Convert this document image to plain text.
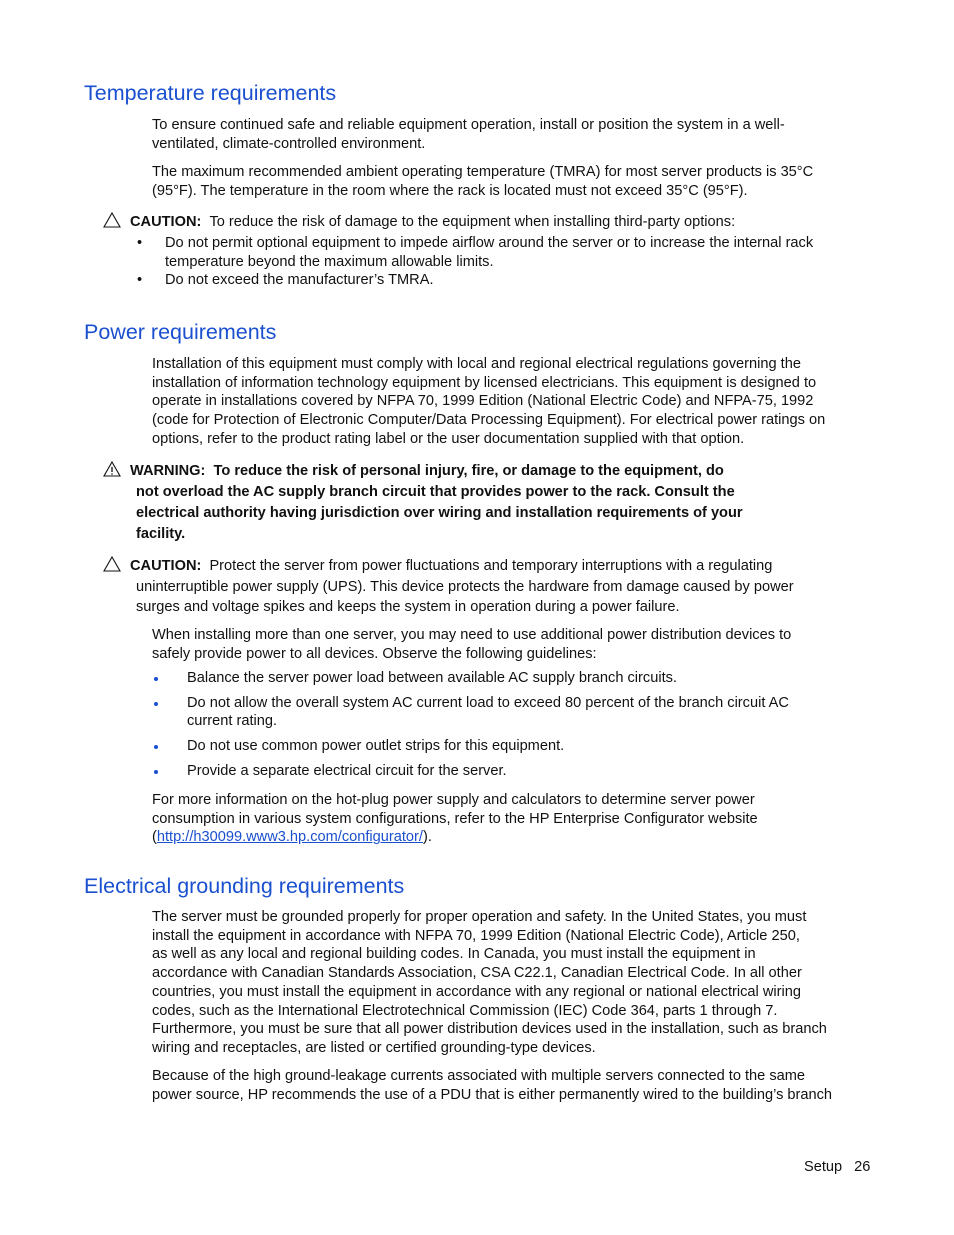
Temperature requirements

To ensure continued safe and reliable equipment operation, install or position the system in a well-
ventilated, climate-controlled environment.

The maximum recommended ambient operating temperature (TMRA) for most server products is 35°C
(95°F). The temperature in the room where the rack is located must not exceed 35°C (95°F).

CAUTION: To reduce the risk of damage to the equipment when installing third-party options:
•	Do not permit optional equipment to impede airflow around the server or to increase the internal rack
temperature beyond the maximum allowable limits.
•	Do not exceed the manufacturer’s TMRA.
Power requirements

Installation of this equipment must comply with local and regional electrical regulations governing the
installation of information technology equipment by licensed electricians. This equipment is designed to
operate in installations covered by NFPA 70, 1999 Edition (National Electric Code) and NFPA-75, 1992
(code for Protection of Electronic Computer/Data Processing Equipment). For electrical power ratings on
options, refer to the product rating label or the user documentation supplied with that option.

WARNING: To reduce the risk of personal injury, fire, or damage to the equipment, do
not overload the AC supply branch circuit that provides power to the rack. Consult the
electrical authority having jurisdiction over wiring and installation requirements of your
facility.
CAUTION: Protect the server from power fluctuations and temporary interruptions with a regulating
uninterruptible power supply (UPS). This device protects the hardware from damage caused by power
surges and voltage spikes and keeps the system in operation during a power failure.

When installing more than one server, you may need to use additional power distribution devices to
safely provide power to all devices. Observe the following guidelines:

Balance the server power load between available AC supply branch circuits.
Do not allow the overall system AC current load to exceed 80 percent of the branch circuit AC
current rating.
Do not use common power outlet strips for this equipment.
Provide a separate electrical circuit for the server.

For more information on the hot-plug power supply and calculators to determine server power
consumption in various system configurations, refer to the HP Enterprise Configurator website
(http://h30099.www3.hp.com/configurator/).

Electrical grounding requirements

The server must be grounded properly for proper operation and safety. In the United States, you must
install the equipment in accordance with NFPA 70, 1999 Edition (National Electric Code), Article 250,
as well as any local and regional building codes. In Canada, you must install the equipment in
accordance with Canadian Standards Association, CSA C22.1, Canadian Electrical Code. In all other
countries, you must install the equipment in accordance with any regional or national electrical wiring
codes, such as the International Electrotechnical Commission (IEC) Code 364, parts 1 through 7.
Furthermore, you must be sure that all power distribution devices used in the installation, such as branch
wiring and receptacles, are listed or certified grounding-type devices.

Because of the high ground-leakage currents associated with multiple servers connected to the same
power source, HP recommends the use of a PDU that is either permanently wired to the building’s branch

Setup 26
